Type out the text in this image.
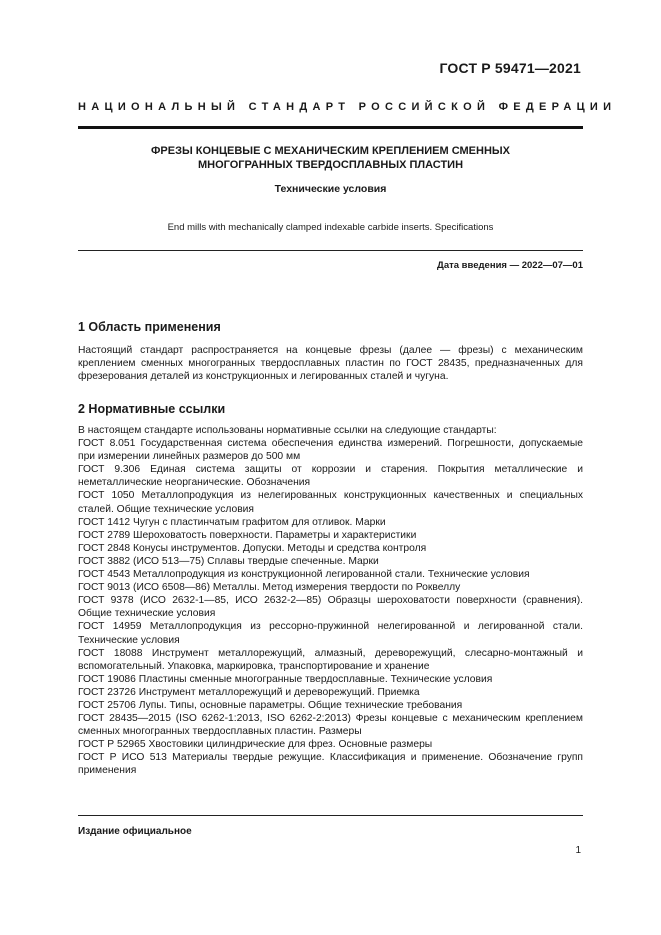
ГОСТ Р 59471—2021
НАЦИОНАЛЬНЫЙ СТАНДАРТ РОССИЙСКОЙ ФЕДЕРАЦИИ
ФРЕЗЫ КОНЦЕВЫЕ С МЕХАНИЧЕСКИМ КРЕПЛЕНИЕМ СМЕННЫХ
МНОГОГРАННЫХ ТВЕРДОСПЛАВНЫХ ПЛАСТИН
Технические условия
End mills with mechanically clamped indexable carbide inserts. Specifications
Дата введения — 2022—07—01
1 Область применения

Настоящий стандарт распространяется на концевые фрезы (далее — фрезы) с механическим креплением сменных многогранных твердосплавных пластин по ГОСТ 28435, предназначенных для фрезерования деталей из конструкционных и легированных сталей и чугуна.

2 Нормативные ссылки

В настоящем стандарте использованы нормативные ссылки на следующие стандарты:

ГОСТ 8.051 Государственная система обеспечения единства измерений. Погрешности, допускаемые при измерении линейных размеров до 500 мм

ГОСТ 9.306 Единая система защиты от коррозии и старения. Покрытия металлические и неметаллические неорганические. Обозначения

ГОСТ 1050 Металлопродукция из нелегированных конструкционных качественных и специальных сталей. Общие технические условия

ГОСТ 1412 Чугун с пластинчатым графитом для отливок. Марки

ГОСТ 2789 Шероховатость поверхности. Параметры и характеристики

ГОСТ 2848 Конусы инструментов. Допуски. Методы и средства контроля

ГОСТ 3882 (ИСО 513—75) Сплавы твердые спеченные. Марки

ГОСТ 4543 Металлопродукция из конструкционной легированной стали. Технические условия

ГОСТ 9013 (ИСО 6508—86) Металлы. Метод измерения твердости по Роквеллу

ГОСТ 9378 (ИСО 2632-1—85, ИСО 2632-2—85) Образцы шероховатости поверхности (сравнения). Общие технические условия

ГОСТ 14959 Металлопродукция из рессорно-пружинной нелегированной и легированной стали. Технические условия

ГОСТ 18088 Инструмент металлорежущий, алмазный, дереворежущий, слесарно-монтажный и вспомогательный. Упаковка, маркировка, транспортирование и хранение

ГОСТ 19086 Пластины сменные многогранные твердосплавные. Технические условия

ГОСТ 23726 Инструмент металлорежущий и дереворежущий. Приемка

ГОСТ 25706 Лупы. Типы, основные параметры. Общие технические требования

ГОСТ 28435—2015 (ISO 6262-1:2013, ISO 6262-2:2013) Фрезы концевые с механическим креплением сменных многогранных твердосплавных пластин. Размеры

ГОСТ Р 52965 Хвостовики цилиндрические для фрез. Основные размеры

ГОСТ Р ИСО 513 Материалы твердые режущие. Классификация и применение. Обозначение групп применения

Издание официальное
1
